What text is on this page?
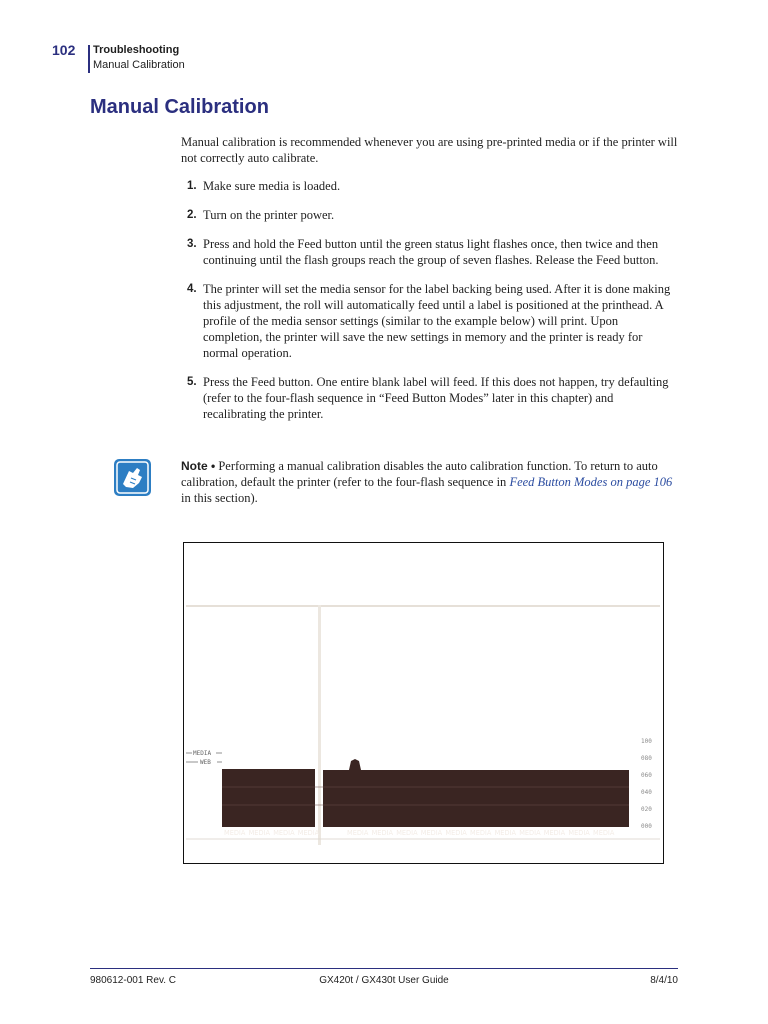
102 Troubleshooting
Manual Calibration
Manual Calibration

Manual calibration is recommended whenever you are using pre-printed media or if the printer will not correctly auto calibrate.

1. Make sure media is loaded.
2. Turn on the printer power.
3. Press and hold the Feed button until the green status light flashes once, then twice and then continuing until the flash groups reach the group of seven flashes. Release the Feed button.
4. The printer will set the media sensor for the label backing being used. After it is done making this adjustment, the roll will automatically feed until a label is positioned at the printhead. A profile of the media sensor settings (similar to the example below) will print. Upon completion, the printer will save the new settings in memory and the printer is ready for normal operation.
5. Press the Feed button. One entire blank label will feed. If this does not happen, try defaulting (refer to the four-flash sequence in “Feed Button Modes” later in this chapter) and recalibrating the printer.

Note • Performing a manual calibration disables the auto calibration function. To return to auto calibration, default the printer (refer to the four-flash sequence in Feed Button Modes on page 106 in this section).

100
080
060
040
020
000
MEDIA
WEB
MEDIA MEDIA MEDIA MEDIA	MEDIA MEDIA MEDIA MEDIA MEDIA MEDIA MEDIA MEDIA MEDIA MEDIA MEDIA
980612-001 Rev. C	GX420t / GX430t User Guide	8/4/10
